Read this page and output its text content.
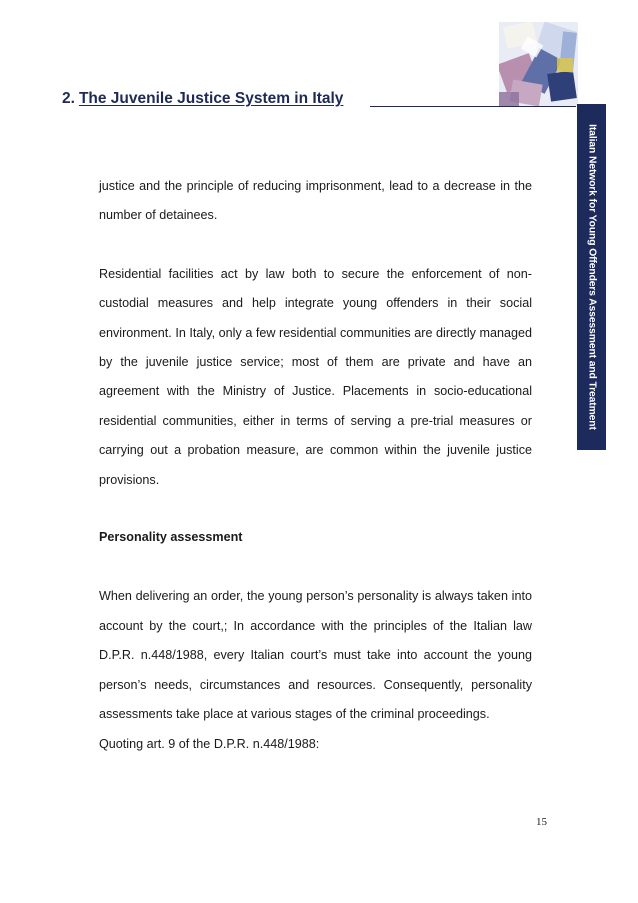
2. The Juvenile Justice System in Italy
Italian Network for Young Offenders Assessment and Treatment

justice and the principle of reducing imprisonment, lead to a decrease in the number of detainees.

Residential facilities act by law both to secure the enforcement of non-custodial measures and help integrate young offenders in their social environment. In Italy, only a few residential communities are directly managed by the juvenile justice service; most of them are private and have an agreement with the Ministry of Justice. Placements in socio-educational residential communities, either in terms of serving a pre-trial measures or carrying out a probation measure, are common within the juvenile justice provisions.

Personality assessment

When delivering an order, the young person’s personality is always taken into account by the court,; In accordance with the principles of the Italian law D.P.R. n.448/1988, every Italian court’s must take into account the young person’s needs, circumstances and resources. Consequently, personality assessments take place at various stages of the criminal proceedings.

Quoting art. 9 of the D.P.R. n.448/1988:

15
